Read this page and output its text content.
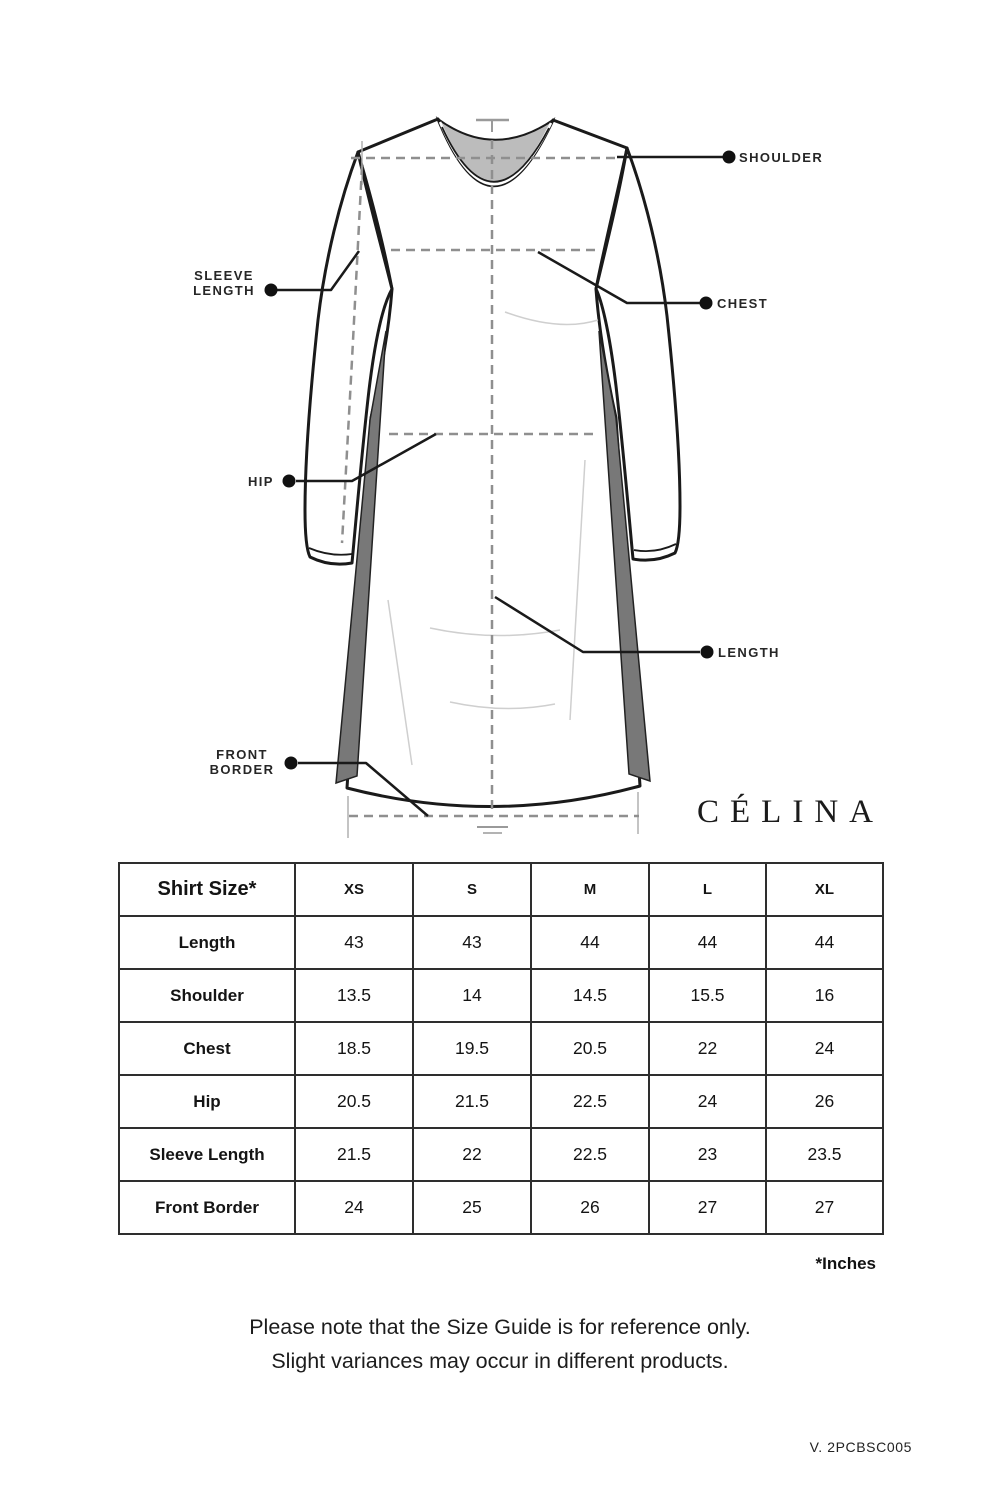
SHOULDER
CHEST
LENGTH
SLEEVE
LENGTH
HIP
FRONT
BORDER
CÉLINA
Shirt Size*	XS	S	M	L	XL
Length	43	43	44	44	44
Shoulder	13.5	14	14.5	15.5	16
Chest	18.5	19.5	20.5	22	24
Hip	20.5	21.5	22.5	24	26
Sleeve Length	21.5	22	22.5	23	23.5
Front Border	24	25	26	27	27
*Inches
Please note that the Size Guide is for reference only.
Slight variances may occur in different products.
V. 2PCBSC005
